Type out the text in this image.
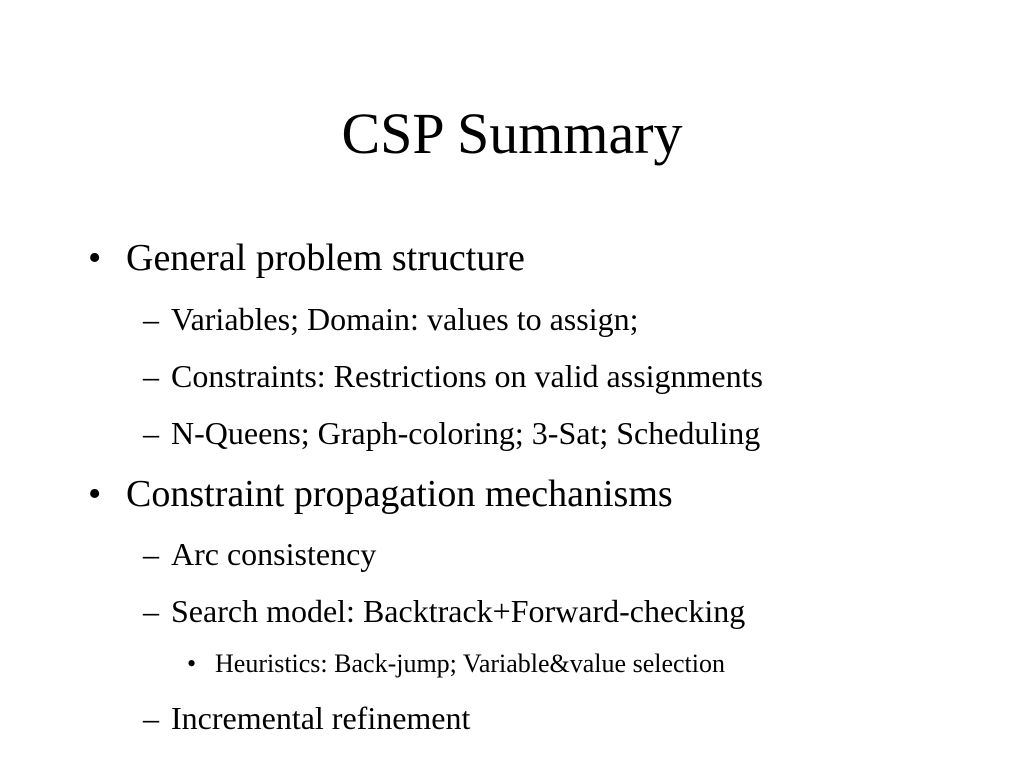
CSP Summary
• General problem structure
– Variables; Domain: values to assign;
– Constraints: Restrictions on valid assignments
– N-Queens; Graph-coloring; 3-Sat; Scheduling
• Constraint propagation mechanisms
– Arc consistency
– Search model: Backtrack+Forward-checking
• Heuristics: Back-jump; Variable&value selection
– Incremental refinement
